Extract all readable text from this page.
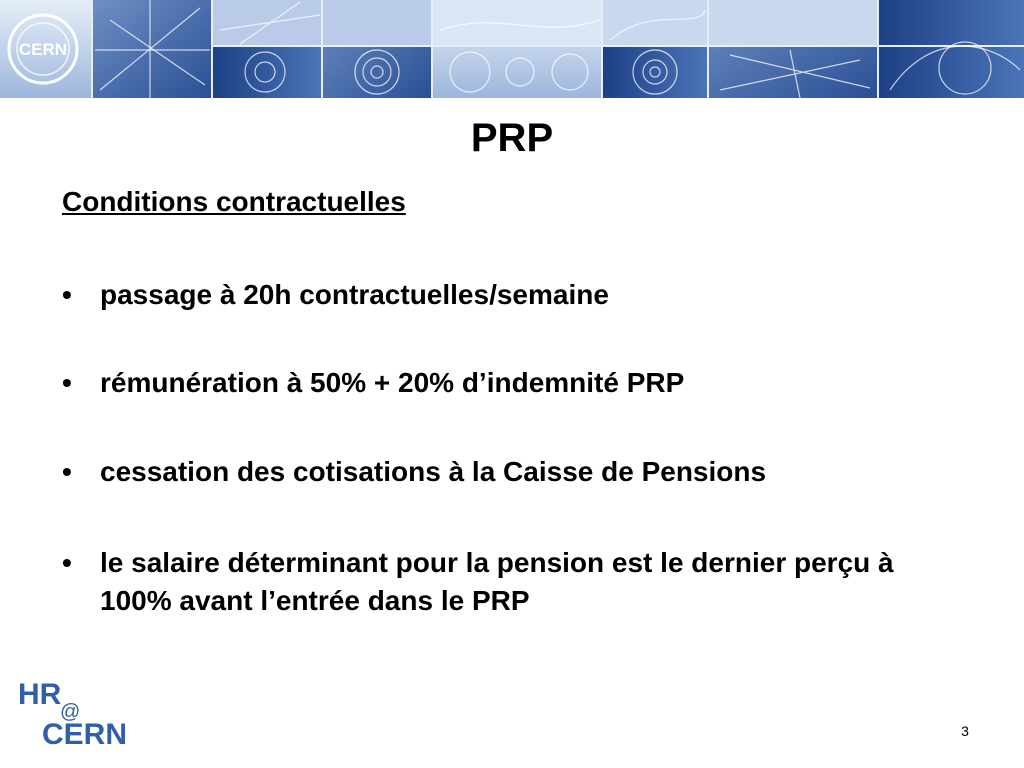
CERN
PRP
Conditions contractuelles
•	passage à 20h contractuelles/semaine
•	rémunération à 50% + 20% d’indemnité PRP
•	cessation des cotisations à la Caisse de Pensions
•	le salaire déterminant pour la pension est le dernier perçu à 100% avant l’entrée dans le PRP
HR
@
CERN	3
